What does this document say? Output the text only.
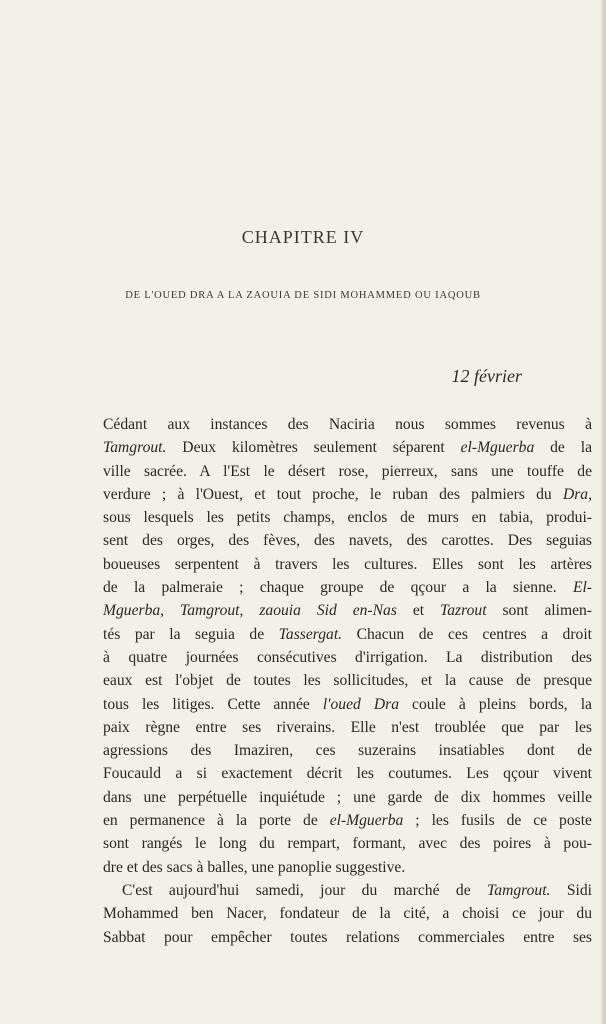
CHAPITRE IV
DE L'OUED DRA A LA ZAOUIA DE SIDI MOHAMMED OU IAQOUB
12 février
Cédant aux instances des Naciria nous sommes revenus à
Tamgrout. Deux kilomètres seulement séparent el-Mguerba de la
ville sacrée. A l'Est le désert rose, pierreux, sans une touffe de
verdure ; à l'Ouest, et tout proche, le ruban des palmiers du Dra,
sous lesquels les petits champs, enclos de murs en tabia, produi-
sent des orges, des fèves, des navets, des carottes. Des seguias
boueuses serpentent à travers les cultures. Elles sont les artères
de la palmeraie ; chaque groupe de qçour a la sienne. El-
Mguerba, Tamgrout, zaouia Sid en-Nas et Tazrout sont alimen-
tés par la seguia de Tassergat. Chacun de ces centres a droit
à quatre journées consécutives d'irrigation. La distribution des
eaux est l'objet de toutes les sollicitudes, et la cause de presque
tous les litiges. Cette année l'oued Dra coule à pleins bords, la
paix règne entre ses riverains. Elle n'est troublée que par les
agressions des Imaziren, ces suzerains insatiables dont de
Foucauld a si exactement décrit les coutumes. Les qçour vivent
dans une perpétuelle inquiétude ; une garde de dix hommes veille
en permanence à la porte de el-Mguerba ; les fusils de ce poste
sont rangés le long du rempart, formant, avec des poires à pou-
dre et des sacs à balles, une panoplie suggestive.
C'est aujourd'hui samedi, jour du marché de Tamgrout. Sidi
Mohammed ben Nacer, fondateur de la cité, a choisi ce jour du
Sabbat pour empêcher toutes relations commerciales entre ses
